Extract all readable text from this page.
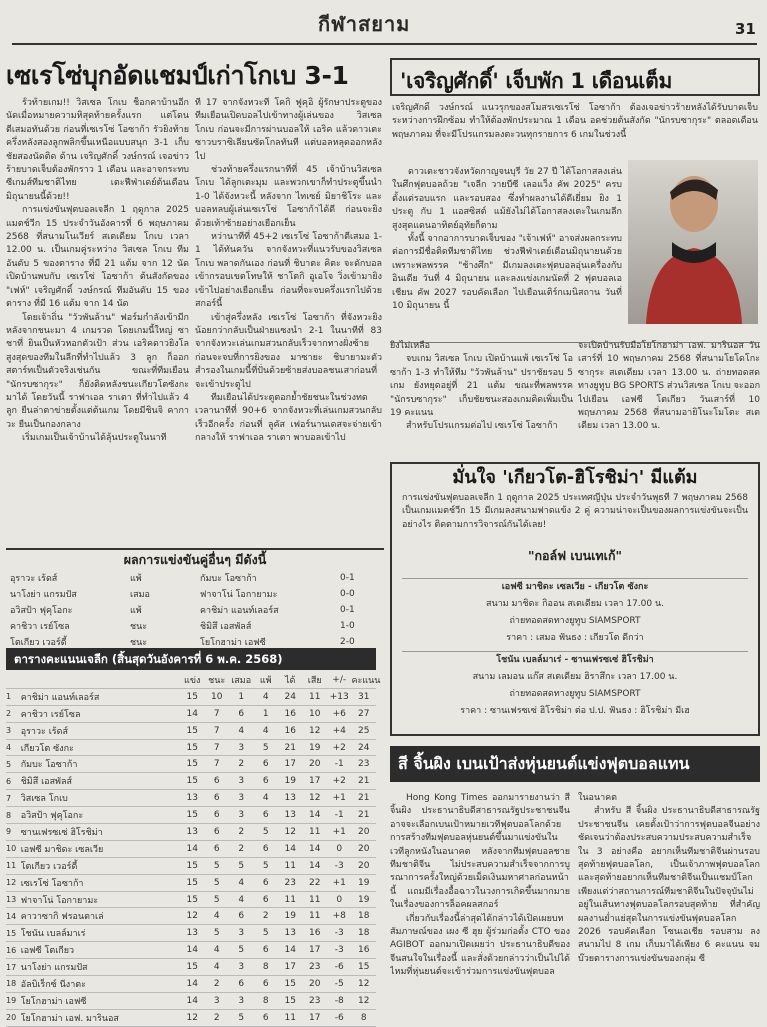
กีฬาสยาม	31
เซเรโซ่บุกอัดแชมป์เก่าโกเบ 3-1

รั้วท้ายเกม!! วิสเซล โกเบ ช็อกคาบ้านอีกนัดเมื่อหมายความหิสุดท้ายครั้งแรก แต่โดนตีเสมอทันด้วย ก่อนที่เซเรโซ่ โอซาก้า รัวยิงท้ายครึ่งหลังสองลูกพลิกขึ้นเหนือแบบสนุก 3-1 เก็บชัยสองนัดติด ด้าน เจริญศักดิ์ วงษ์กรณ์ เจอข่าวร้ายบาดเจ็บต้องพักราว 1 เดือน และอาจกระทบซีเกมส์ทีมชาติไทย เตะฟีฟ่าเดย์ต้นเดือนมิถุนายนนี้ด้วย!!

การแข่งขันฟุตบอลเจลีก 1 ฤดูกาล 2025 แมตช์วีก 15 ประจำวันอังคารที่ 6 พฤษภาคม 2568 ที่สนามโนเวียร์ สเตเดียม โกเบ เวลา 12.00 น. เป็นเกมคู่ระหว่าง วิสเซล โกเบ ทีมอันดับ 5 ของตาราง ที่มี 21 แต้ม จาก 12 นัด เปิดบ้านพบกับ เซเรโซ่ โอซาก้า ต้นสังกัดของ "เฟห์" เจริญศักดิ์ วงษ์กรณ์ ทีมอันดับ 15 ของตาราง ที่มี 16 แต้ม จาก 14 นัด

โดยเจ้าถิ่น "วัวพันล้าน" ฟอร์มกำลังเข้ามีกหลังจากชนะมา 4 เกมรวด โดยเกมนี้ใหญ่ ซาชาที่ ยินเป็นหัวหอกตัวเป้า ส่วน เอริคดาวยิงโลสูงสุดของทีมในลีกที่ทำไปแล้ว 3 ลูก ก็ออกสตาร์ทเป็นตัวจริงเช่นกัน ขณะที่ทีมเยือน "นักรบซากุระ" ก็ยังติดหลังชนะเกียวโตซังกะ มาได้ โดยวันนี้ ราฟาเอล ราเตา ที่ทำไปแล้ว 4 ลูก ยืนล่าตาข่ายตั้งแต่ต้นเกม โดยมีชินจิ คากาวะ ยืนเป็นกองกลาง

เริ่มเกมเป็นเจ้าบ้านได้ลุ้นประตูในนาที

ที่ 17 จากจังหวะที่ โคกิ ฟูคุอิ ผู้รักษาประตูของทีมเยือนเปิดบอลไปเข้าทางผู้เล่นของ วิสเซล โกเบ ก่อนจะมีการผ่านบอลให้ เอริค แล้วดาวเตะซาวบราซิเลียนซัดโกลทันที แต่บอลหลุดออกหลังไป

ช่วงท้ายครึ่งแรกนาทีที่ 45 เจ้าบ้านวิสเซล โกเบ ได้ลูกเตะมุม และพวกเขาก็ทำประตูขึ้นนำ 1-0 ได้จังหวะนี้ หลังจาก ไทเซย์ มิยาชิโระ และบอลหลบผู้เล่นเซเรโซ่ โอซาก้าได้ดี ก่อนจะยิงด้วยเท้าซ้ายอย่างเยือกเย็น

หว่านาทีที่ 45+2 เซเรโซ่ โอซาก้าตีเสมอ 1-1 ได้ทันควัน จากจังหวะที่แนวรับของวิสเซล โกเบ พลาดกันเอง ก่อนที่ ชิบาตะ คิตะ จะดักบอลเข้ากรอบเขตโทษให้ ชาโตกิ อูเอโจ วิ่งเข้ามายิงเข้าไปอย่างเยือกเย็น ก่อนที่จะจบครึ่งแรกไปด้วยสกอร์นี้

เข้าสู่ครึ่งหลัง เซเรโซ่ โอซาก้า ที่จังหวะยิงน้อยกว่ากลับเป็นฝ่ายแซงนำ 2-1 ในนาทีที่ 83 จากจังหวะเล่นเกมสวนกลับเร็วจากทางฝั่งซ้าย ก่อนจะจบที่การยิงของ มาซายะ ชิบายามะตัวสำรองในเกมนี้ที่ปั่นด้วยซ้ายส่งบอลชนเสาก่อนที่จะเข้าประตูไป

ทีมเยือนได้ประตูตอกย้ำชัยชนะในช่วงทดเวลานาทีที่ 90+6 จากจังหวะที่เล่นเกมสวนกลับเร็วอีกครั้ง ก่อนที่ ลูคัส เฟอร์นานเดสจะจ่ายเข้ากลางให้ ราฟาเอล ราเตา พาบอลเข้าไป

'เจริญศักดิ์' เจ็บพัก 1 เดือนเต็ม
เจริญศักดิ์ วงษ์กรณ์ แนวรุกของสโมสรเซเรโซ่ โอซาก้า ต้องเจอข่าวร้ายหลังได้รับบาดเจ็บระหว่างการฝึกซ้อม ทำให้ต้องพักประมาณ 1 เดือน อดช่วยต้นสังกัด "นักรบซากุระ" ตลอดเดือนพฤษภาคม ที่จะมีโปรแกรมลงตะวนทุกรายการ 6 เกมในช่วงนี้

ดาวเตะชาวจังหวัดกาญจนบุรี วัย 27 ปี ได้โอกาสลงเล่นในศึกฟุตบอลถ้วย "เจลีก วายบีซี เลอแว็ง คัพ 2025" ครบตั้งแต่รอบแรก และรอบสอง ซึ่งทำผลงานได้ดีเยี่ยม ยิง 1 ประตู กับ 1 แอสซิสต์ แม้ยังไม่ได้โอกาสลงเตะในเกมลีกสูงสุดแดนอาทิตย์อุทัยก็ตาม

ทั้งนี้ จากอาการบาดเจ็บของ "เจ้าเฟห์" อาจส่งผลกระทบต่อการมีชื่อติดทีมชาติไทย ช่วงฟีฟ่าเดย์เดือนมิถุนายนด้วย เพราะพลพรรค "ช้างศึก" มีเกมลงเตะฟุตบอลอุ่นเครื่องกับ อินเดีย วันที่ 4 มิถุนายน และลงแข่งเกมนัดที่ 2 ฟุตบอลเอเชียน คัพ 2027 รอบคัดเลือก ไปเยือนเติร์กเมนิสถาน วันที่ 10 มิถุนายน นี้

ยิงไม่เหลือ

จบเกม วิสเซล โกเบ เปิดบ้านแพ้ เซเรโซ่ โอซาก้า 1-3 ทำให้ทีม "วัวพันล้าน" ปราชัยรอบ 5 เกม ยังหยุดอยู่ที่ 21 แต้ม ขณะที่พลพรรค "นักรบซากุระ" เก็บชัยชนะสองเกมติดเพิ่มเป็น 19 คะแนน

สำหรับโปรแกรมต่อไป เซเรโซ่ โอซาก้า

จะเปิดบ้านรับมือโยโกฮาม่า เอฟ. มารินอส วันเสาร์ที่ 10 พฤษภาคม 2568 ที่สนามโยโดโกะ ซากุระ สเตเดียม เวลา 13.00 น. ถ่ายทอดสดทางยูทูบ BG SPORTS ส่วนวิสเซล โกเบ จะออกไปเยือน เอฟซี โตเกียว วันเสาร์ที่ 10 พฤษภาคม 2568 ที่สนามอายิโนะโมโตะ สเตเดียม เวลา 13.00 น.
ผลการแข่งขันคู่อื่นๆ มีดังนี้
อุราวะ เร้ดส์	แพ้	กัมบะ โอซาก้า	0-1
นาโงย่า แกรมปัส	เสมอ	ฟาจาโน่ โอกายามะ	0-0
อวิสป้า ฟุคุโอกะ	แพ้	คาชิม่า แอนท์เลอร์ส	0-1
คาชิวา เรย์โซล	ชนะ	ชิมิสึ เอสพัลส์	1-0
โตเกียว เวอร์ดี้	ชนะ	โยโกฮาม่า เอฟซี	2-0
ตารางคะแนนเจลีก (สิ้นสุดวันอังคารที่ 6 พ.ค. 2568)
		แข่ง	ชนะ	เสมอ	แพ้	ได้	เสีย	+/-	คะแนน
1	คาชิม่า แอนท์เลอร์ส	15	10	1	4	24	11	+13	31
2	คาชิวา เรย์โซล	14	7	6	1	16	10	+6	27
3	อุราวะ เร้ดส์	15	7	4	4	16	12	+4	25
4	เกียวโต ซังกะ	15	7	3	5	21	19	+2	24
5	กัมบะ โอซาก้า	15	7	2	6	17	20	-1	23
6	ชิมิสึ เอสพัลส์	15	6	3	6	19	17	+2	21
7	วิสเซล โกเบ	13	6	3	4	13	12	+1	21
8	อวิสป้า ฟุคุโอกะ	15	6	3	6	13	14	-1	21
9	ซานเฟรซเซ่ ฮิโรชิม่า	13	6	2	5	12	11	+1	20
10	เอฟซี มาชิดะ เซลเวีย	14	6	2	6	14	14	0	20
11	โตเกียว เวอร์ดี้	15	5	5	5	11	14	-3	20
12	เซเรโซ่ โอซาก้า	15	5	4	6	23	22	+1	19
13	ฟาจาโน่ โอกายามะ	15	5	4	6	11	11	0	19
14	คาวาซากิ ฟรอนตาเล่	12	4	6	2	19	11	+8	18
15	โชนัน เบลล์มาเร่	13	5	3	5	13	16	-3	18
16	เอฟซี โตเกียว	14	4	5	6	14	17	-3	16
17	นาโงย่า แกรมปัส	15	4	3	8	17	23	-6	15
18	อัลบิเร็กซ์ นีงาตะ	14	2	6	6	15	20	-5	12
19	โยโกฮาม่า เอฟซี	14	3	3	8	15	23	-8	12
20	โยโกฮาม่า เอฟ. มารินอส	12	2	5	6	11	17	-6	8
มั่นใจ 'เกียวโต-ฮิโรชิม่า' มีแต้ม
การแข่งขันฟุตบอลเจลีก 1 ฤดูกาล 2025 ประเทศญี่ปุ่น ประจำวันพุธที่ 7 พฤษภาคม 2568 เป็นเกมแมตช์วีก 15 มีเกมลงสนามฟาดแข้ง 2 คู่ ความน่าจะเป็นของผลการแข่งขันจะเป็นอย่างไร ติดตามการวิจารณ์กันได้เลย!
"กอล์ฟ เบนเทเก้"
เอฟซี มาชิดะ เซลเวีย - เกียวโต ซังกะ
สนาม มาชิดะ กิออน สเตเดียม เวลา 17.00 น.
ถ่ายทอดสดทางยูทูบ SIAMSPORT
ราคา : เสมอ ฟันธง : เกียวโต ดีกว่า
โชนัน เบลล์มาเร่ - ซานเฟรซเซ่ ฮิโรชิม่า
สนาม เลมอน แก๊ส สเตเดียม ฮิราสึกะ เวลา 17.00 น.
ถ่ายทอดสดทางยูทูบ SIAMSPORT
ราคา : ซานเฟรซเซ่ ฮิโรชิม่า ต่อ ป.ป. ฟันธง : ฮิโรชิม่า มีเฮ
สี จิ้นผิง เบนเป้าส่งหุ่นยนต์แข่งฟุตบอลแทน

Hong Kong Times ออกมารายงานว่า สี จิ้นผิง ประธานาธิบดีสาธารณรัฐประชาชนจีน อาจจะเลือกเบนเป้าหมายเวทีฟุตบอลโลกด้วยการสร้างทีมฟุตบอลหุ่นยนต์ขึ้นมาแข่งขันในเวทีลูกหนังในอนาคต หลังจากทีมฟุตบอลชายทีมชาติจีน ไม่ประสบความสำเร็จจากการบูรณาการครั้งใหญ่ด้วยเม็ดเงินมหาศาลก่อนหน้านี้ แถมมีเรื่องอื้อฉาวในวงการเกิดขึ้นมากมายในเรื่องของการล็อคผลสกอร์

เกี่ยวกับเรื่องนี้ล่าสุดได้กล่าวได้เปิดเผยบทสัมภาษณ์ของ เผง ซี ฮุย ผู้ร่วมก่อตั้ง CTO ของ AGIBOT ออกมาเปิดเผยว่า ประธานาธิบดีของจีนสนใจในเรื่องนี้ และสั่งด้วยกล่าวว่าเป็นไปได้ไหมที่หุ่นยนต์จะเข้าร่วมการแข่งขันฟุตบอล

ในอนาคต

สำหรับ สี จิ้นผิง ประธานาธิบดีสาธารณรัฐประชาชนจีน เคยตั้งเป้าว่าการฟุตบอลจีนอย่างชัดเจนว่าต้องประสบความประสบความสำเร็จใน 3 อย่างคือ อยากเห็นทีมชาติจีนผ่านรอบสุดท้ายฟุตบอลโลก, เป็นเจ้าภาพฟุตบอลโลก และสุดท้ายอยากเห็นทีมชาติจีนเป็นแชมป์โลก เพียงแต่ว่าสถานการณ์ทีมชาติจีนในปัจจุบันไม่อยู่ในเส้นทางฟุตบอลโลกรอบสุดท้าย ที่สำคัญผลงานย่ำแย่สุดในการแข่งขันฟุตบอลโลก 2026 รอบคัดเลือก โซนเอเชีย รอบสาม ลงสนามไป 8 เกม เก็บมาได้เพียง 6 คะแนน จมบ๊วยตารางการแข่งขันของกลุ่ม ซี
